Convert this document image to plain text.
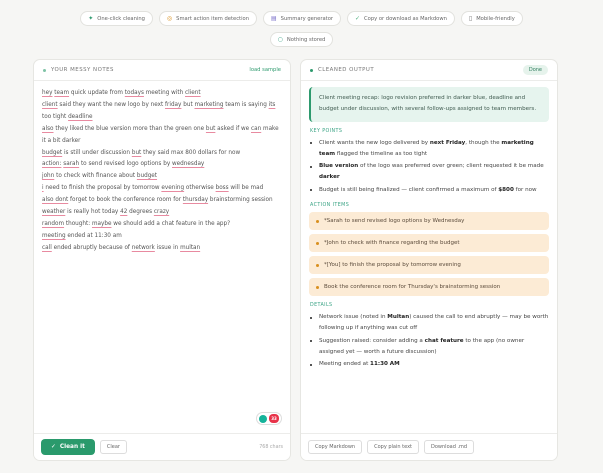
✦ One-click cleaning	◎ Smart action item detection	▤ Summary generator	✓ Copy or download as Markdown	▯ Mobile-friendly
○ Nothing stored
YOUR MESSY NOTES	load sample
hey team quick update from todays meeting with client
client said they want the new logo by next friday but marketing team is saying its too tight deadline
also they liked the blue version more than the green one but asked if we can make it a bit darker
budget is still under discussion but they said max 800 dollars for now
action: sarah to send revised logo options by wednesday
john to check with finance about budget
i need to finish the proposal by tomorrow evening otherwise boss will be mad
also dont forget to book the conference room for thursday brainstorming session
weather is really hot today 42 degrees crazy
random thought: maybe we should add a chat feature in the app?
meeting ended at 11:30 am
call ended abruptly because of network issue in multan
33
✓ Clean it	Clear	768 chars
CLEANED OUTPUT	Done
Client meeting recap: logo revision preferred in darker blue, deadline and budget under discussion, with several follow-ups assigned to team members.
KEY POINTS
Client wants the new logo delivered by next Friday, though the marketing team flagged the timeline as too tight
Blue version of the logo was preferred over green; client requested it be made darker
Budget is still being finalized — client confirmed a maximum of $800 for now
ACTION ITEMS
*Sarah to send revised logo options by Wednesday
*John to check with finance regarding the budget
*[You] to finish the proposal by tomorrow evening
Book the conference room for Thursday's brainstorming session
DETAILS
Network issue (noted in Multan) caused the call to end abruptly — may be worth following up if anything was cut off
Suggestion raised: consider adding a chat feature to the app (no owner assigned yet — worth a future discussion)
Meeting ended at 11:30 AM
Copy Markdown	Copy plain text	Download .md
